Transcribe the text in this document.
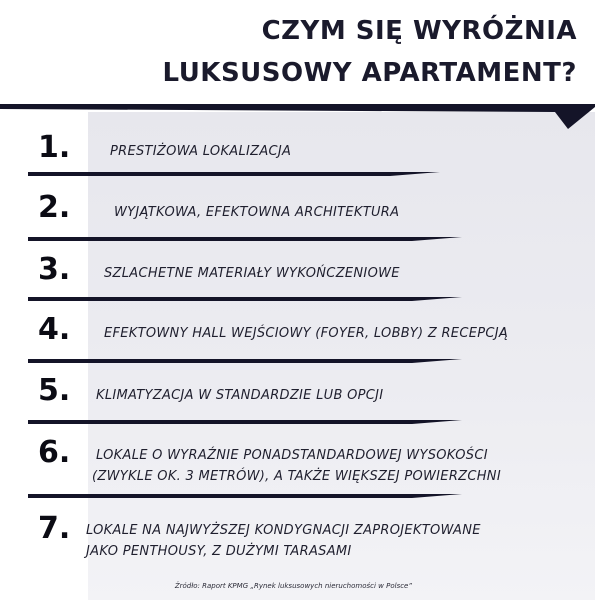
CZYM SIĘ WYRÓŻNIA
LUKSUSOWY APARTAMENT?
1.	PRESTIŻOWA LOKALIZACJA
2.	WYJĄTKOWA, EFEKTOWNA ARCHITEKTURA
3.	SZLACHETNE MATERIAŁY WYKOŃCZENIOWE
4.	EFEKTOWNY HALL WEJŚCIOWY (FOYER, LOBBY) Z RECEPCJĄ
5. KLIMATYZACJA W STANDARDZIE LUB OPCJI
6. LOKALE O WYRAŹNIE PONADSTANDARDOWEJ WYSOKOŚCI
(ZWYKLE OK. 3 METRÓW), A TAKŻE WIĘKSZEJ POWIERZCHNI
7. LOKALE NA NAJWYŻSZEJ KONDYGNACJI ZAPROJEKTOWANE
JAKO PENTHOUSY, Z DUŻYMI TARASAMI
Źródło: Raport KPMG „Rynek luksusowych nieruchomości w Polsce”
